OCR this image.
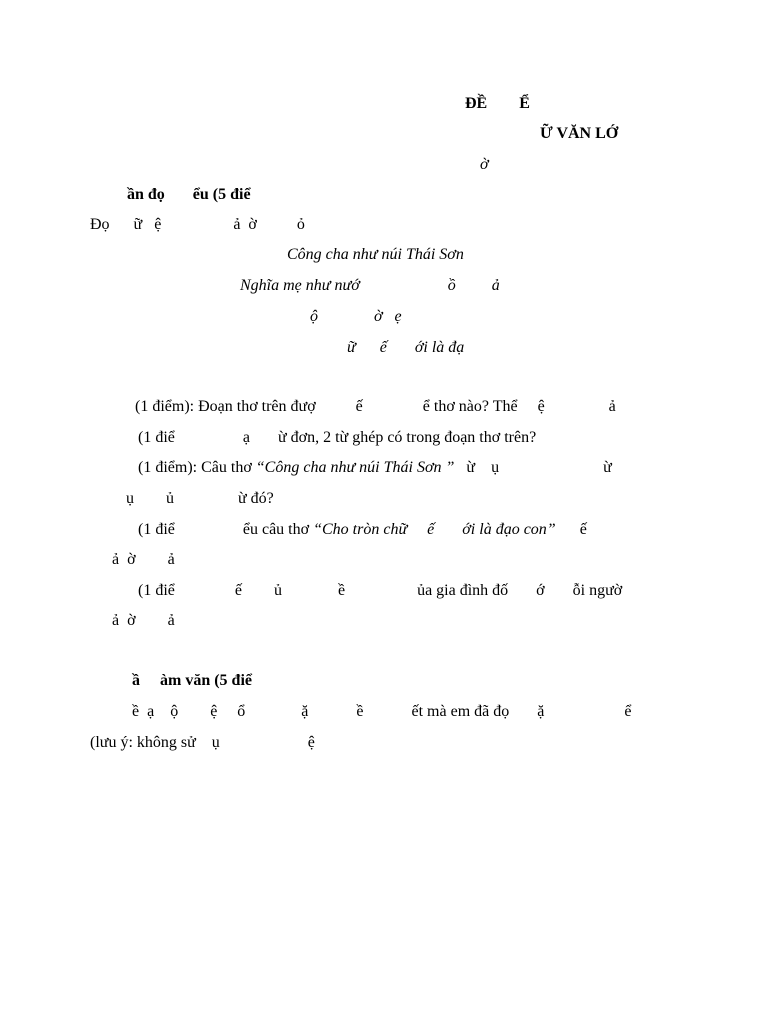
ĐỀ        Ể
Ữ VĂN LỚ
ờ
ần đọ       ểu (5 điể
Đọ      ữ   ệ                  ả  ờ          ỏ
Công cha như núi Thái Sơn
Nghĩa mẹ như nướ                      ồ         ả
ộ              ờ   ẹ
ữ      ế       ới là đạ
(1 điểm): Đoạn thơ trên đượ          ế               ể thơ nào? Thể     ệ                ả
(1 điể                 ạ       ừ đơn, 2 từ ghép có trong đoạn thơ trên?
(1 điểm): Câu thơ “Công cha như núi Thái Sơn ”   ừ    ụ                          ừ
ụ        ủ                ừ đó?
(1 điể                 ểu câu thơ “Cho tròn chữ     ế       ới là đạo con”      ế
ả  ờ        ả
(1 điể               ế        ủ              ề                  ủa gia đình đố       ớ       ỗi ngườ
ả  ờ        ả
ầ     àm văn (5 điể
ề  ạ    ộ        ệ     ổ              ặ            ề            ết mà em đã đọ       ặ                    ể
(lưu ý: không sử    ụ                      ệ
